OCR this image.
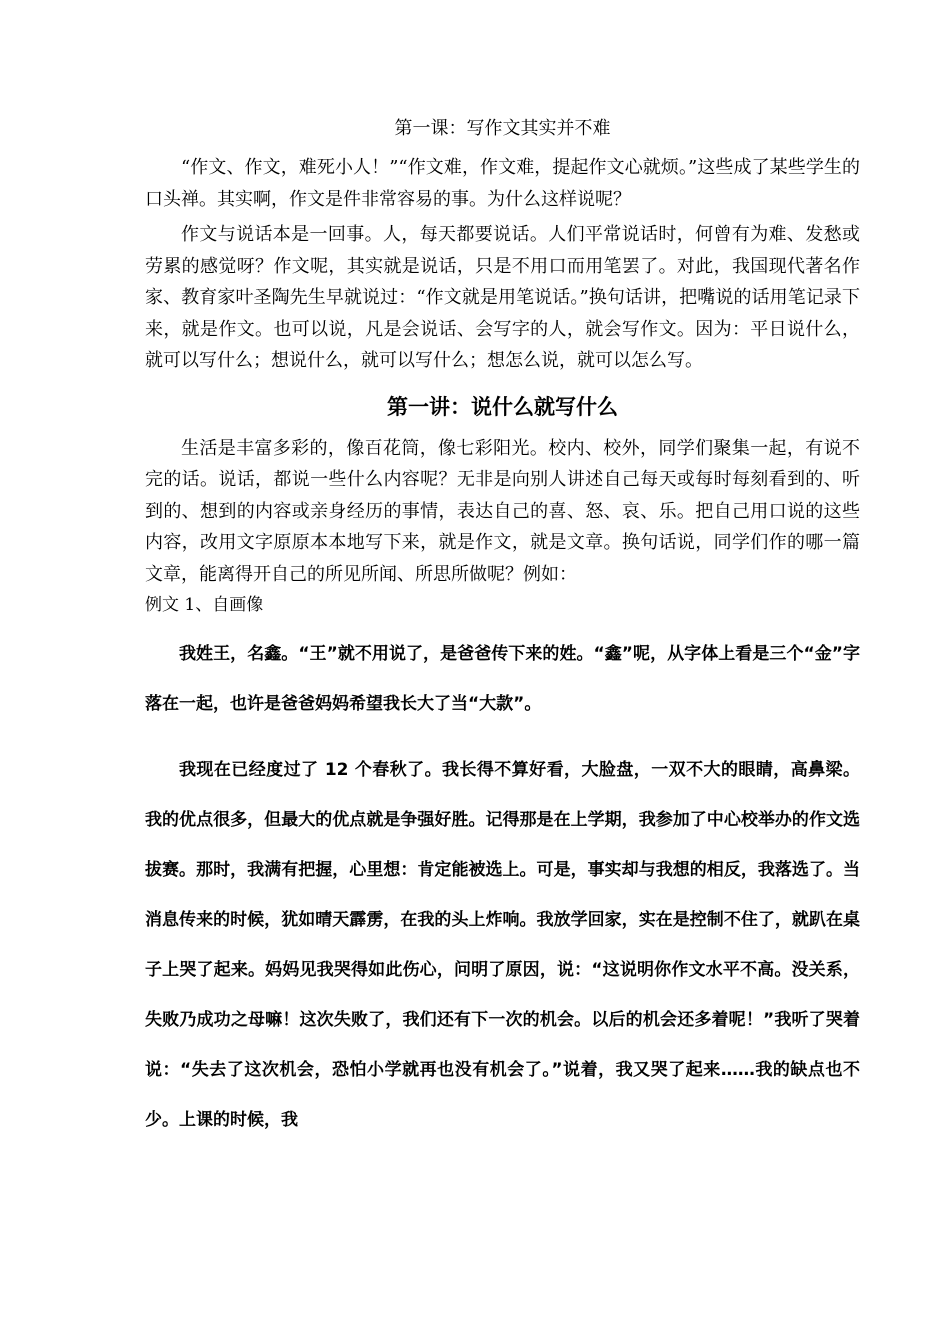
第一课：写作文其实并不难

“作文、作文，难死小人！”“作文难，作文难，提起作文心就烦。”这些成了某些学生的口头禅。其实啊，作文是件非常容易的事。为什么这样说呢？

作文与说话本是一回事。人，每天都要说话。人们平常说话时，何曾有为难、发愁或劳累的感觉呀？作文呢，其实就是说话，只是不用口而用笔罢了。对此，我国现代著名作家、教育家叶圣陶先生早就说过：“作文就是用笔说话。”换句话讲，把嘴说的话用笔记录下来，就是作文。也可以说，凡是会说话、会写字的人，就会写作文。因为：平日说什么，就可以写什么；想说什么，就可以写什么；想怎么说，就可以怎么写。

第一讲：说什么就写什么

生活是丰富多彩的，像百花筒，像七彩阳光。校内、校外，同学们聚集一起，有说不完的话。说话，都说一些什么内容呢？无非是向别人讲述自己每天或每时每刻看到的、听到的、想到的内容或亲身经历的事情，表达自己的喜、怒、哀、乐。把自己用口说的这些内容，改用文字原原本本地写下来，就是作文，就是文章。换句话说，同学们作的哪一篇文章，能离得开自己的所见所闻、所思所做呢？例如：

例文 1、自画像

我姓王，名鑫。“王”就不用说了，是爸爸传下来的姓。“鑫”呢，从字体上看是三个“金”字落在一起，也许是爸爸妈妈希望我长大了当“大款”。

我现在已经度过了 12 个春秋了。我长得不算好看，大脸盘，一双不大的眼睛，高鼻梁。我的优点很多，但最大的优点就是争强好胜。记得那是在上学期，我参加了中心校举办的作文选拔赛。那时，我满有把握，心里想：肯定能被选上。可是，事实却与我想的相反，我落选了。当消息传来的时候，犹如晴天霹雳，在我的头上炸响。我放学回家，实在是控制不住了，就趴在桌子上哭了起来。妈妈见我哭得如此伤心，问明了原因，说：“这说明你作文水平不高。没关系，失败乃成功之母嘛！这次失败了，我们还有下一次的机会。以后的机会还多着呢！”我听了哭着说：“失去了这次机会，恐怕小学就再也没有机会了。”说着，我又哭了起来……我的缺点也不少。上课的时候，我
